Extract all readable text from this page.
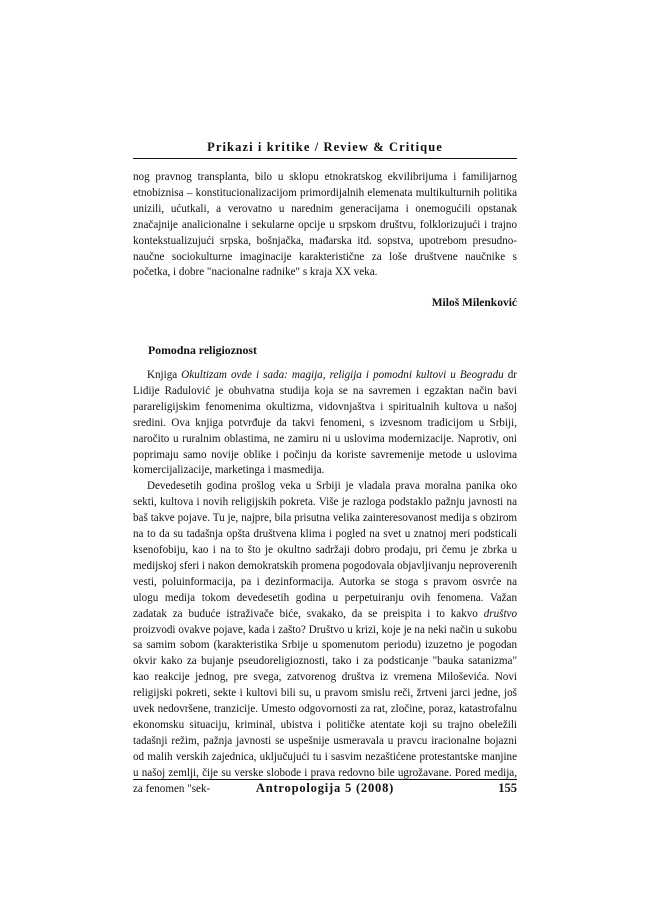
Prikazi i kritike / Review & Critique

nog pravnog transplanta, bilo u sklopu etnokratskog ekvilibrijuma i familijarnog etnobiznisa – konstitucionalizacijom primordijalnih elemenata multikulturnih politika unizili, ućutkali, a verovatno u narednim generacijama i onemogućili opstanak značajnije analicionalne i sekularne opcije u srpskom društvu, folklorizujući i trajno kontekstualizujući srpska, bošnjačka, mađarska itd. sopstva, upotrebom presudno-naučne sociokulturne imaginacije karakteristične za loše društvene naučnike s početka, i dobre "nacionalne radnike" s kraja XX veka.

Miloš Milenković
Pomodna religioznost

Knjiga Okultizam ovde i sada: magija, religija i pomodni kultovi u Beogradu dr Lidije Radulović je obuhvatna studija koja se na savremen i egzaktan način bavi parareligijskim fenomenima okultizma, vidovnjaštva i spiritualnih kultova u našoj sredini. Ova knjiga potvrđuje da takvi fenomeni, s izvesnom tradicijom u Srbiji, naročito u ruralnim oblastima, ne zamiru ni u uslovima modernizacije. Naprotiv, oni poprimaju samo novije oblike i počinju da koriste savremenije metode u uslovima komercijalizacije, marketinga i masmedija.

Devedesetih godina prošlog veka u Srbiji je vladala prava moralna panika oko sekti, kultova i novih religijskih pokreta. Više je razloga podstaklo pažnju javnosti na baš takve pojave. Tu je, najpre, bila prisutna velika zainteresovanost medija s obzirom na to da su tadašnja opšta društvena klima i pogled na svet u znatnoj meri podsticali ksenofobiju, kao i na to što je okultno sadržaji dobro prodaju, pri čemu je zbrka u medijskoj sferi i nakon demokratskih promena pogodovala objavljivanju neproverenih vesti, poluinformacija, pa i dezinformacija. Autorka se stoga s pravom osvrće na ulogu medija tokom devedesetih godina u perpetuiranju ovih fenomena. Važan zadatak za buduće istraživače biće, svakako, da se preispita i to kakvo društvo proizvodi ovakve pojave, kada i zašto? Društvo u krizi, koje je na neki način u sukobu sa samim sobom (karakteristika Srbije u spomenutom periodu) izuzetno je pogodan okvir kako za bujanje pseudoreligioznosti, tako i za podsticanje "bauka satanizma" kao reakcije jednog, pre svega, zatvorenog društva iz vremena Miloševića. Novi religijski pokreti, sekte i kultovi bili su, u pravom smislu reči, žrtveni jarci jedne, još uvek nedovršene, tranzicije. Umesto odgovornosti za rat, zločine, poraz, katastrofalnu ekonomsku situaciju, kriminal, ubistva i političke atentate koji su trajno obeležili tadašnji režim, pažnja javnosti se uspešnije usmeravala u pravcu iracionalne bojazni od malih verskih zajednica, uključujući tu i sasvim nezaštićene protestantske manjine u našoj zemlji, čije su verske slobode i prava redovno bile ugrožavane. Pored medija, za fenomen "sek-	Antropologija 5 (2008)	155
